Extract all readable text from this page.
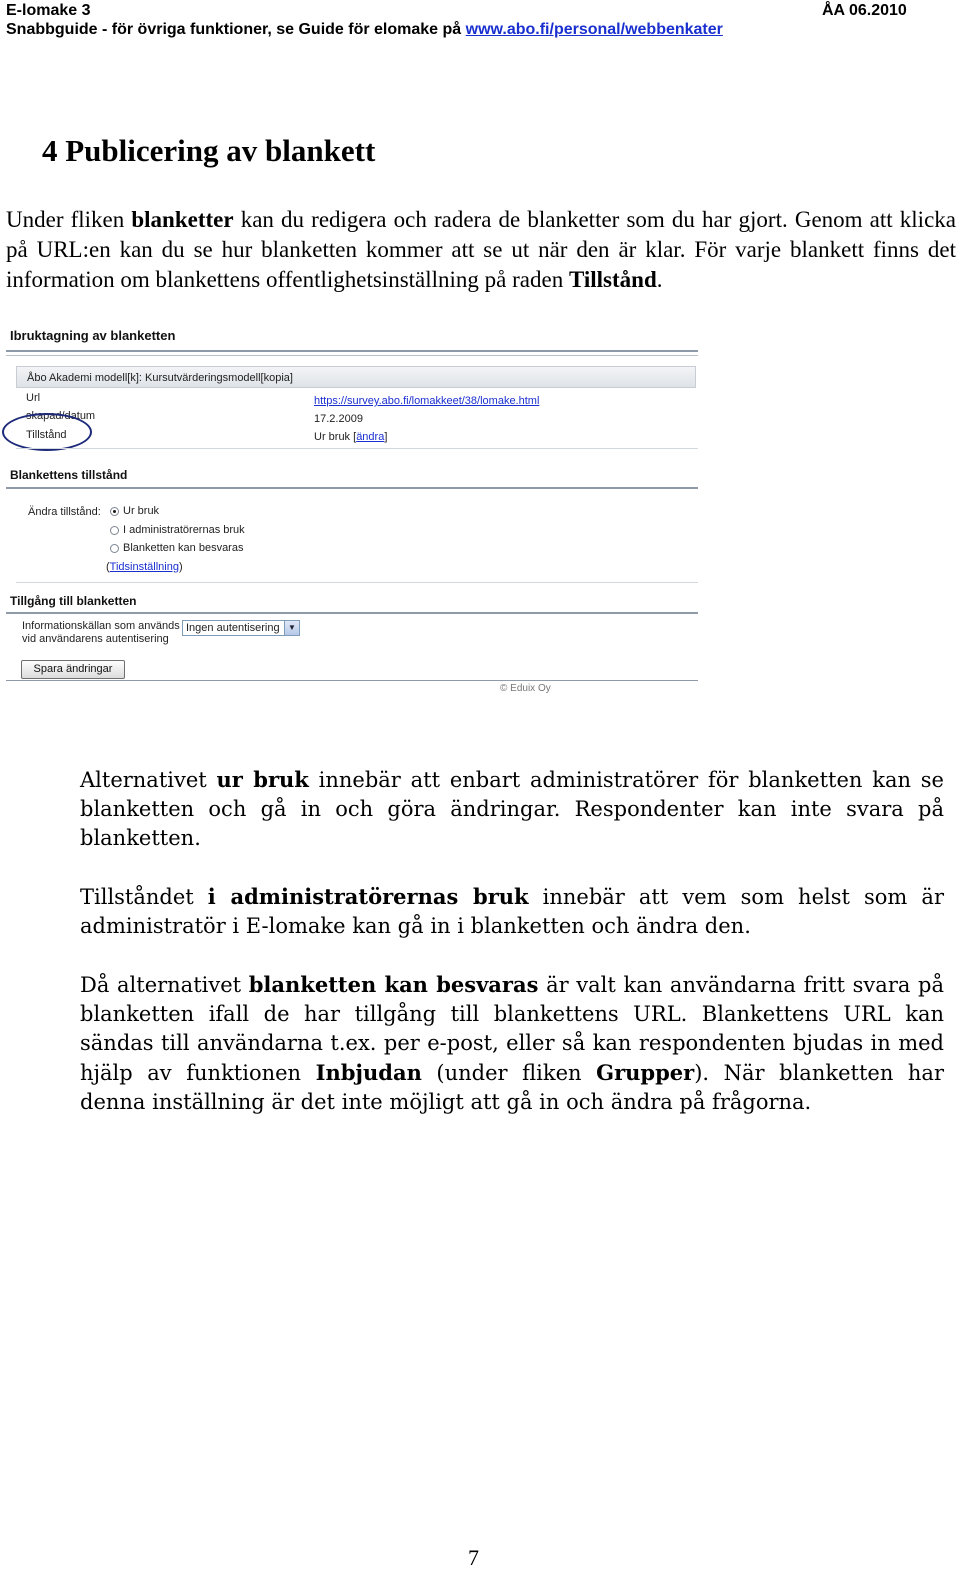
E-lomake 3	ÅA 06.2010
Snabbguide - för övriga funktioner, se Guide för elomake på www.abo.fi/personal/webbenkater
4 Publicering av blankett
Under fliken blanketter kan du redigera och radera de blanketter som du har gjort. Genom att klicka på URL:en kan du se hur blanketten kommer att se ut när den är klar. För varje blankett finns det information om blankettens offentlighetsinställning på raden Tillstånd.
Ibruktagning av blanketten
Åbo Akademi modell[k]: Kursutvärderingsmodell[kopia]
Url
skapad/datum
Tillstånd
https://survey.abo.fi/lomakkeet/38/lomake.html
17.2.2009
Ur bruk [ändra]
Blankettens tillstånd
Ändra tillstånd: Ur bruk
I administratörernas bruk
Blanketten kan besvaras
(Tidsinställning)
Tillgång till blanketten
Informationskällan som används
vid användarens autentisering
Ingen autentisering	▼
Spara ändringar
© Eduix Oy
Alternativet ur bruk innebär att enbart administratörer för blanketten kan se blanketten och gå in och göra ändringar. Respondenter kan inte svara på blanketten.
Tillståndet i administratörernas bruk innebär att vem som helst som är administratör i E-lomake kan gå in i blanketten och ändra den.
Då alternativet blanketten kan besvaras är valt kan användarna fritt svara på blanketten ifall de har tillgång till blankettens URL. Blankettens URL kan sändas till användarna t.ex. per e-post, eller så kan respondenten bjudas in med hjälp av funktionen Inbjudan (under fliken Grupper). När blanketten har denna inställning är det inte möjligt att gå in och ändra på frågorna.
7
